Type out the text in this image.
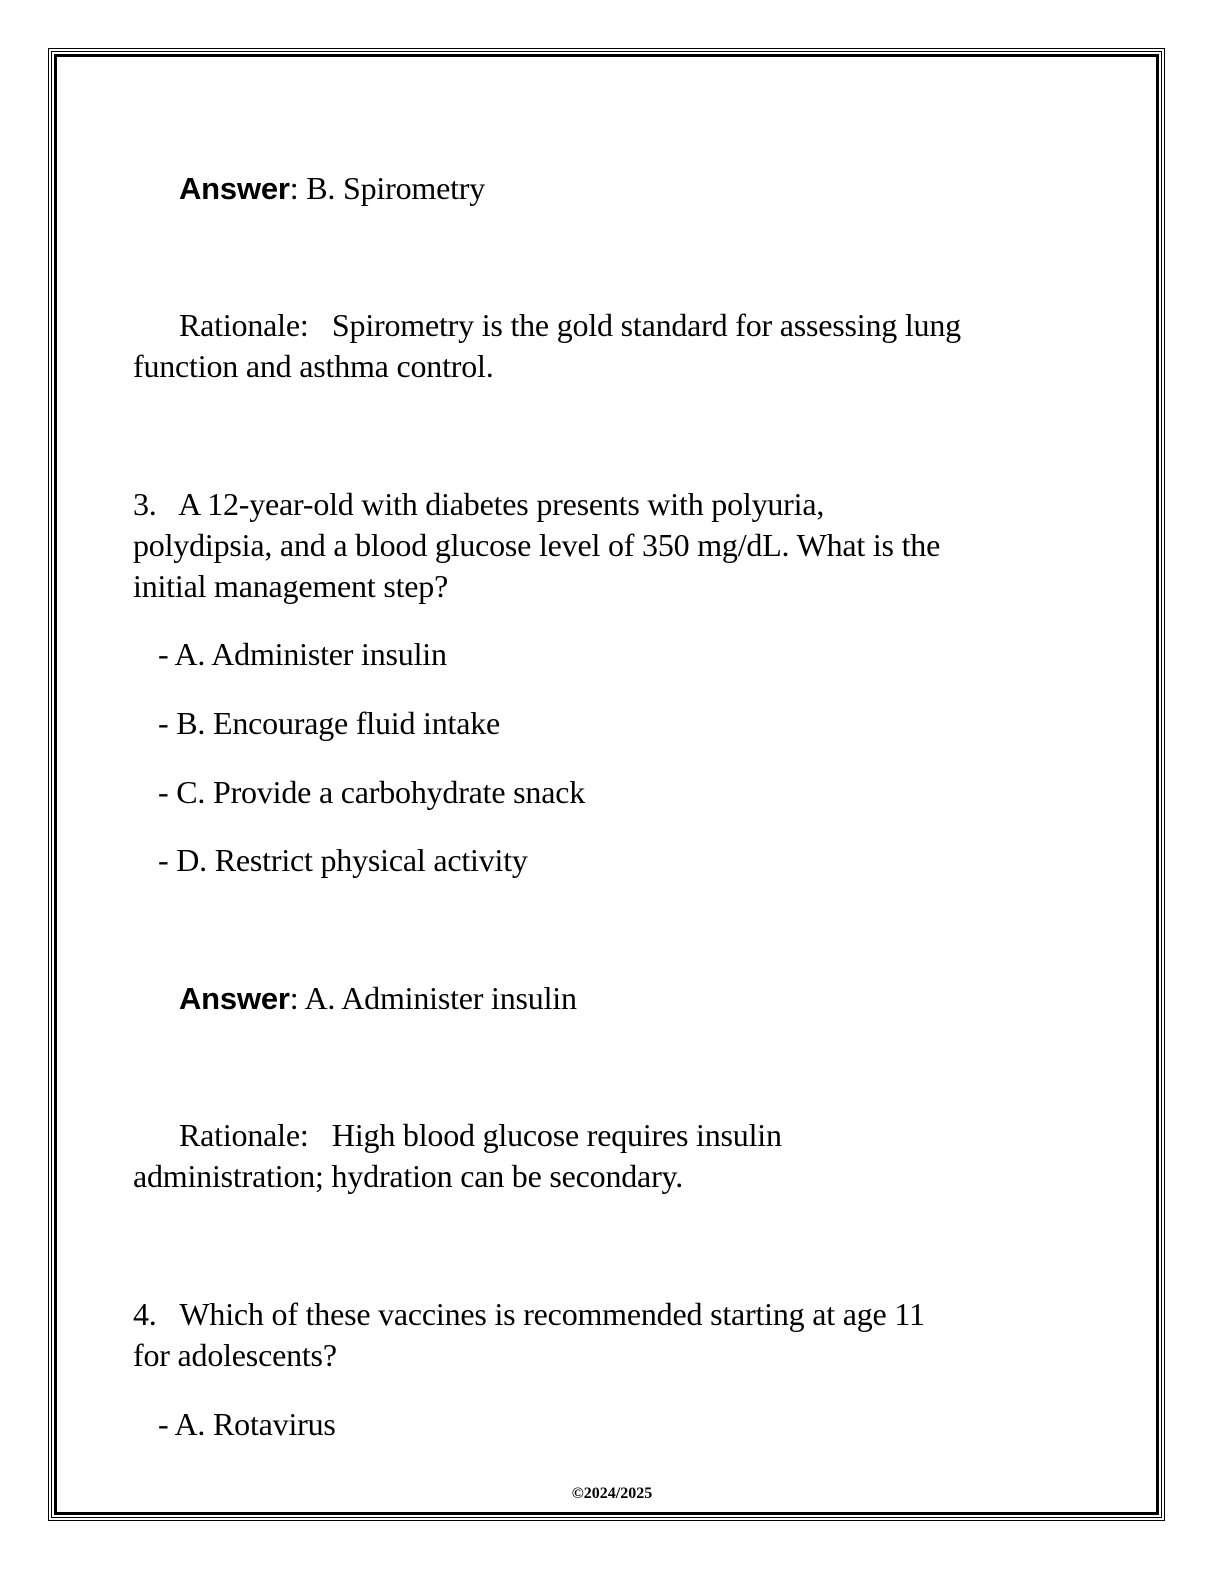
Answer: B. Spirometry
Rationale:   Spirometry is the gold standard for assessing lung
function and asthma control.
3.   A 12-year-old with diabetes presents with polyuria,
polydipsia, and a blood glucose level of 350 mg/dL. What is the
initial management step?
- A. Administer insulin
- B. Encourage fluid intake
- C. Provide a carbohydrate snack
- D. Restrict physical activity
Answer: A. Administer insulin
Rationale:   High blood glucose requires insulin
administration; hydration can be secondary.
4.   Which of these vaccines is recommended starting at age 11
for adolescents?
- A. Rotavirus
©2024/2025
